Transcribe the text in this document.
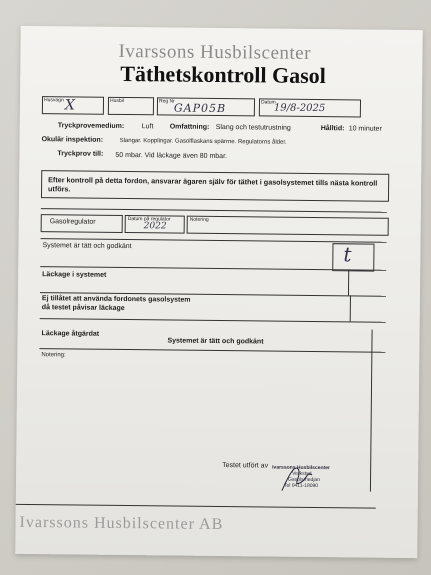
Ivarssons Husbilscenter
Täthetskontroll Gasol
Husvagn X	Husbil	Reg Nr
GAP05B	Datum
19/8-2025
Tryckprovemedium: Luft Omfattning: Slang och testutrustning	Hålltid: 10 minuter
Okulär inspektion:	Slangar. Kopplingar. Gasolflaskans spärrne. Regulatorns ålder.
Tryckprov till: 50 mbar. Vid läckage även 80 mbar.
Efter kontroll på detta fordon, ansvarar ägaren själv för täthet i gasolsystemet tills nästa kontroll utförs.
Gasolregulator	Datum på regulator
2022
Notering
Systemet är tätt och godkänt	t
Läckage i systemet
Ej tillåtet att använda fordonets gasolsystem
då testet påvisar läckage
Läckage åtgärdat
Systemet är tätt och godkänt
Notering:
Testet utfört av Ivarssons Husbilscenter
Verkstad
Gasolsmedjan
Tel 0411-18090
Ivarssons Husbilscenter AB
